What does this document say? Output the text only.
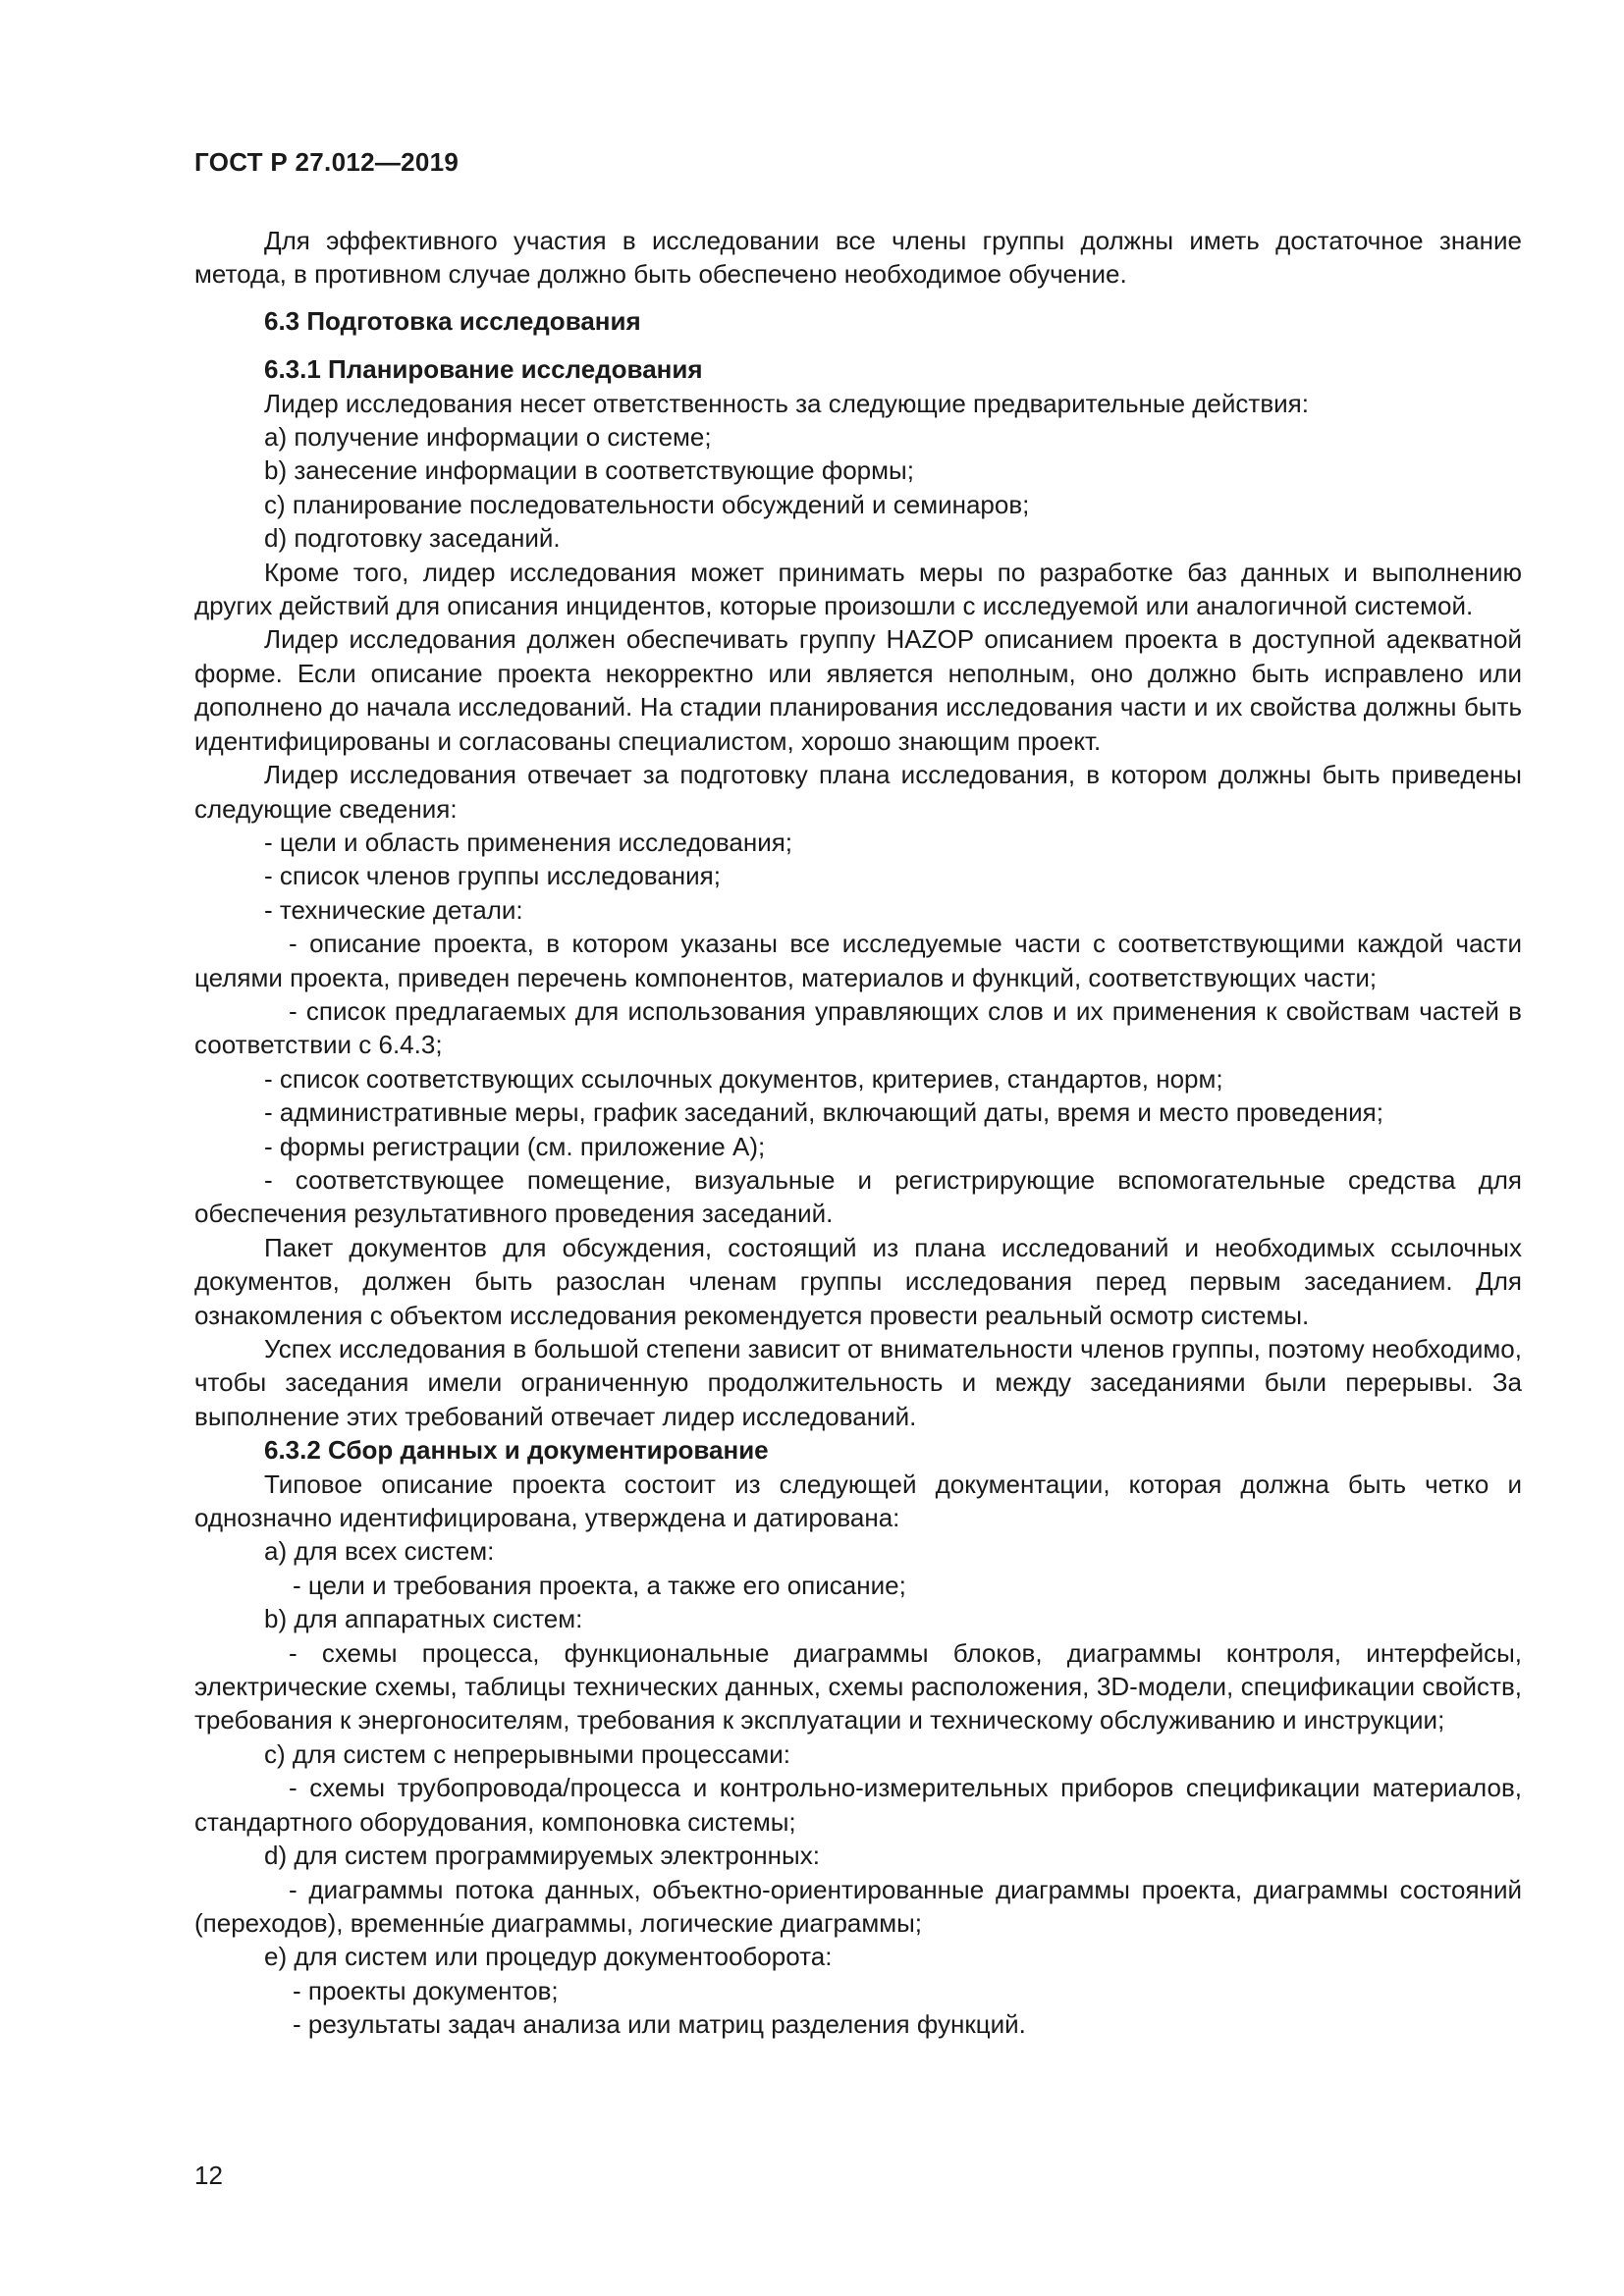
ГОСТ Р 27.012—2019

Для эффективного участия в исследовании все члены группы должны иметь достаточное знание метода, в противном случае должно быть обеспечено необходимое обучение.

6.3 Подготовка исследования

6.3.1 Планирование исследования

Лидер исследования несет ответственность за следующие предварительные действия:

a) получение информации о системе;

b) занесение информации в соответствующие формы;

c) планирование последовательности обсуждений и семинаров;

d) подготовку заседаний.

Кроме того, лидер исследования может принимать меры по разработке баз данных и выполнению других действий для описания инцидентов, которые произошли с исследуемой или аналогичной системой.

Лидер исследования должен обеспечивать группу HAZOP описанием проекта в доступной адекватной форме. Если описание проекта некорректно или является неполным, оно должно быть исправлено или дополнено до начала исследований. На стадии планирования исследования части и их свойства должны быть идентифицированы и согласованы специалистом, хорошо знающим проект.

Лидер исследования отвечает за подготовку плана исследования, в котором должны быть приведены следующие сведения:

- цели и область применения исследования;

- список членов группы исследования;

- технические детали:

- описание проекта, в котором указаны все исследуемые части с соответствующими каждой части целями проекта, приведен перечень компонентов, материалов и функций, соответствующих части;

- список предлагаемых для использования управляющих слов и их применения к свойствам частей в соответствии с 6.4.3;

- список соответствующих ссылочных документов, критериев, стандартов, норм;

- административные меры, график заседаний, включающий даты, время и место проведения;

- формы регистрации (см. приложение А);

- соответствующее помещение, визуальные и регистрирующие вспомогательные средства для обеспечения результативного проведения заседаний.

Пакет документов для обсуждения, состоящий из плана исследований и необходимых ссылочных документов, должен быть разослан членам группы исследования перед первым заседанием. Для ознакомления с объектом исследования рекомендуется провести реальный осмотр системы.

Успех исследования в большой степени зависит от внимательности членов группы, поэтому необходимо, чтобы заседания имели ограниченную продолжительность и между заседаниями были перерывы. За выполнение этих требований отвечает лидер исследований.

6.3.2 Сбор данных и документирование

Типовое описание проекта состоит из следующей документации, которая должна быть четко и однозначно идентифицирована, утверждена и датирована:

a) для всех систем:

- цели и требования проекта, а также его описание;

b) для аппаратных систем:

- схемы процесса, функциональные диаграммы блоков, диаграммы контроля, интерфейсы, электрические схемы, таблицы технических данных, схемы расположения, 3D-модели, спецификации свойств, требования к энергоносителям, требования к эксплуатации и техническому обслуживанию и инструкции;

c) для систем с непрерывными процессами:

- схемы трубопровода/процесса и контрольно-измерительных приборов спецификации материалов, стандартного оборудования, компоновка системы;

d) для систем программируемых электронных:

- диаграммы потока данных, объектно-ориентированные диаграммы проекта, диаграммы состояний (переходов), временны́е диаграммы, логические диаграммы;

e) для систем или процедур документооборота:

- проекты документов;

- результаты задач анализа или матриц разделения функций.

12
